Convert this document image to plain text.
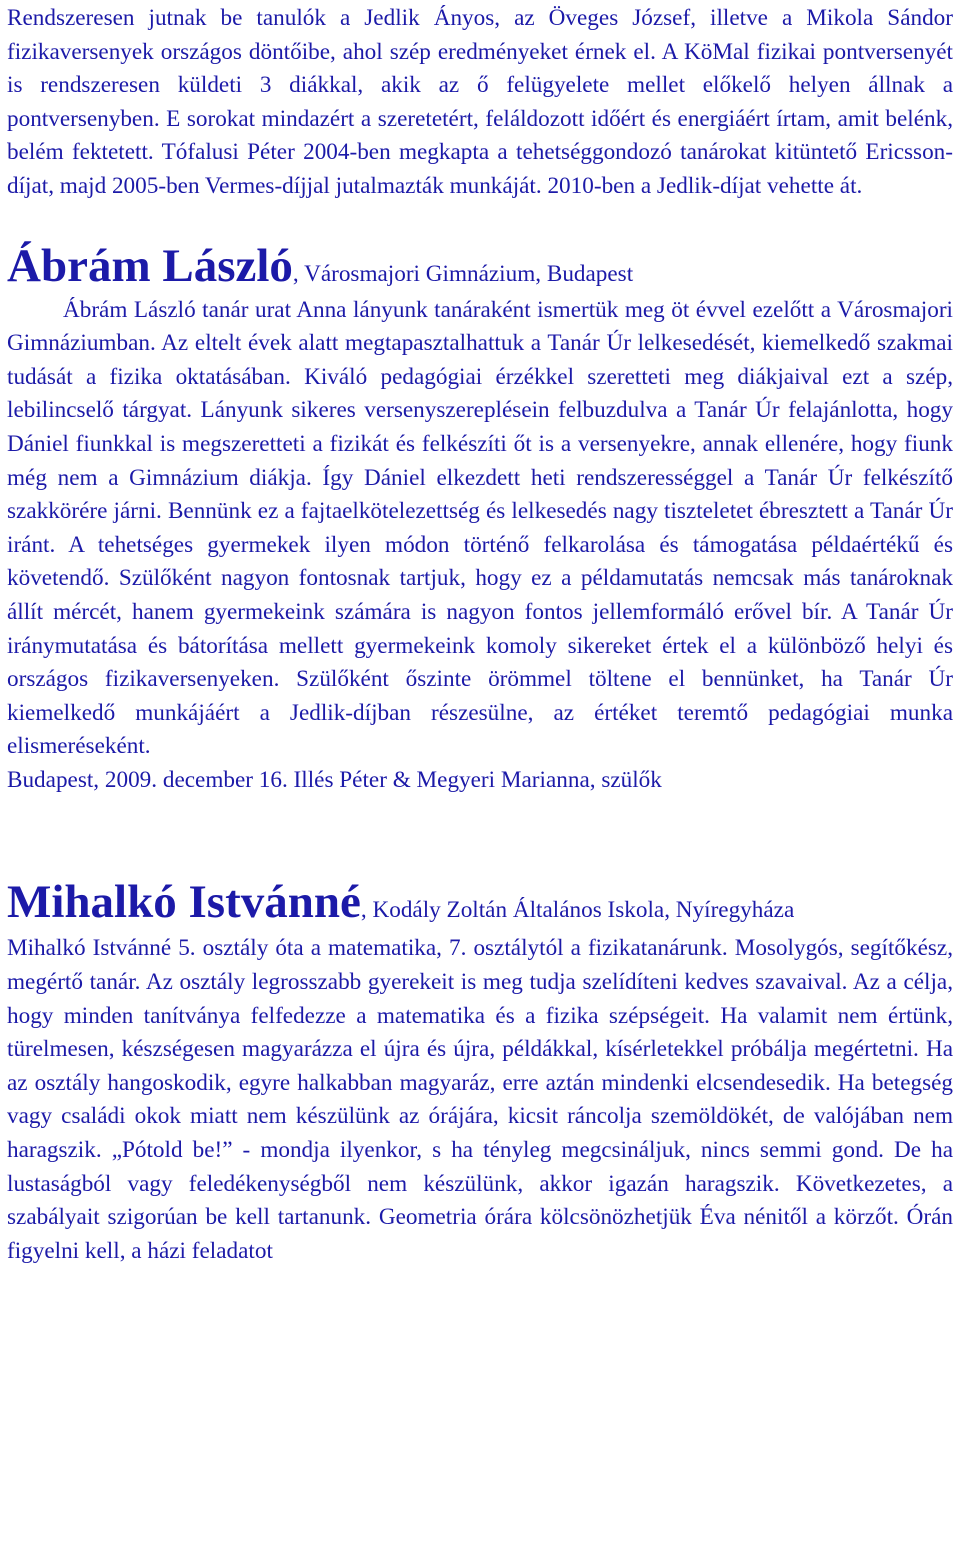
Rendszeresen jutnak be tanulók a Jedlik Ányos, az Öveges József, illetve a Mikola Sándor fizikaversenyek országos döntőibe, ahol szép eredményeket érnek el. A KöMal fizikai pontversenyét is rendszeresen küldeti 3 diákkal, akik az ő felügyelete mellet előkelő helyen állnak a pontversenyben. E sorokat mindazért a szeretetért, feláldozott időért és energiáért írtam, amit belénk, belém fektetett. Tófalusi Péter 2004-ben megkapta a tehetséggondozó tanárokat kitüntető Ericsson-díjat, majd 2005-ben Vermes-díjjal jutalmazták munkáját. 2010-ben a Jedlik-díjat vehette át.

Ábrám László, Városmajori Gimnázium, Budapest

Ábrám László tanár urat Anna lányunk tanáraként ismertük meg öt évvel ezelőtt a Városmajori Gimnáziumban. Az eltelt évek alatt megtapasztalhattuk a Tanár Úr lelkesedését, kiemelkedő szakmai tudását a fizika oktatásában. Kiváló pedagógiai érzékkel szeretteti meg diákjaival ezt a szép, lebilincselő tárgyat. Lányunk sikeres versenyszereplésein felbuzdulva a Tanár Úr felajánlotta, hogy Dániel fiunkkal is megszeretteti a fizikát és felkészíti őt is a versenyekre, annak ellenére, hogy fiunk még nem a Gimnázium diákja. Így Dániel elkezdett heti rendszerességgel a Tanár Úr felkészítő szakkörére járni. Bennünk ez a fajtaelkötelezettség és lelkesedés nagy tiszteletet ébresztett a Tanár Úr iránt. A tehetséges gyermekek ilyen módon történő felkarolása és támogatása példaértékű és követendő. Szülőként nagyon fontosnak tartjuk, hogy ez a példamutatás nemcsak más tanároknak állít mércét, hanem gyermekeink számára is nagyon fontos jellemformáló erővel bír. A Tanár Úr iránymutatása és bátorítása mellett gyermekeink komoly sikereket értek el a különböző helyi és országos fizikaversenyeken. Szülőként őszinte örömmel töltene el bennünket, ha Tanár Úr kiemelkedő munkájáért a Jedlik-díjban részesülne, az értéket teremtő pedagógiai munka elismeréseként.

Budapest, 2009. december 16. Illés Péter & Megyeri Marianna, szülők

Mihalkó Istvánné, Kodály Zoltán Általános Iskola, Nyíregyháza

Mihalkó Istvánné 5. osztály óta a matematika, 7. osztálytól a fizikatanárunk. Mosolygós, segítőkész, megértő tanár. Az osztály legrosszabb gyerekeit is meg tudja szelídíteni kedves szavaival. Az a célja, hogy minden tanítványa felfedezze a matematika és a fizika szépségeit. Ha valamit nem értünk, türelmesen, készségesen magyarázza el újra és újra, példákkal, kísérletekkel próbálja megértetni. Ha az osztály hangoskodik, egyre halkabban magyaráz, erre aztán mindenki elcsendesedik. Ha betegség vagy családi okok miatt nem készülünk az órájára, kicsit ráncolja szemöldökét, de valójában nem haragszik. „Pótold be!” - mondja ilyenkor, s ha tényleg megcsináljuk, nincs semmi gond. De ha lustaságból vagy feledékenységből nem készülünk, akkor igazán haragszik. Következetes, a szabályait szigorúan be kell tartanunk. Geometria órára kölcsönözhetjük Éva nénitől a körzőt. Órán figyelni kell, a házi feladatot
